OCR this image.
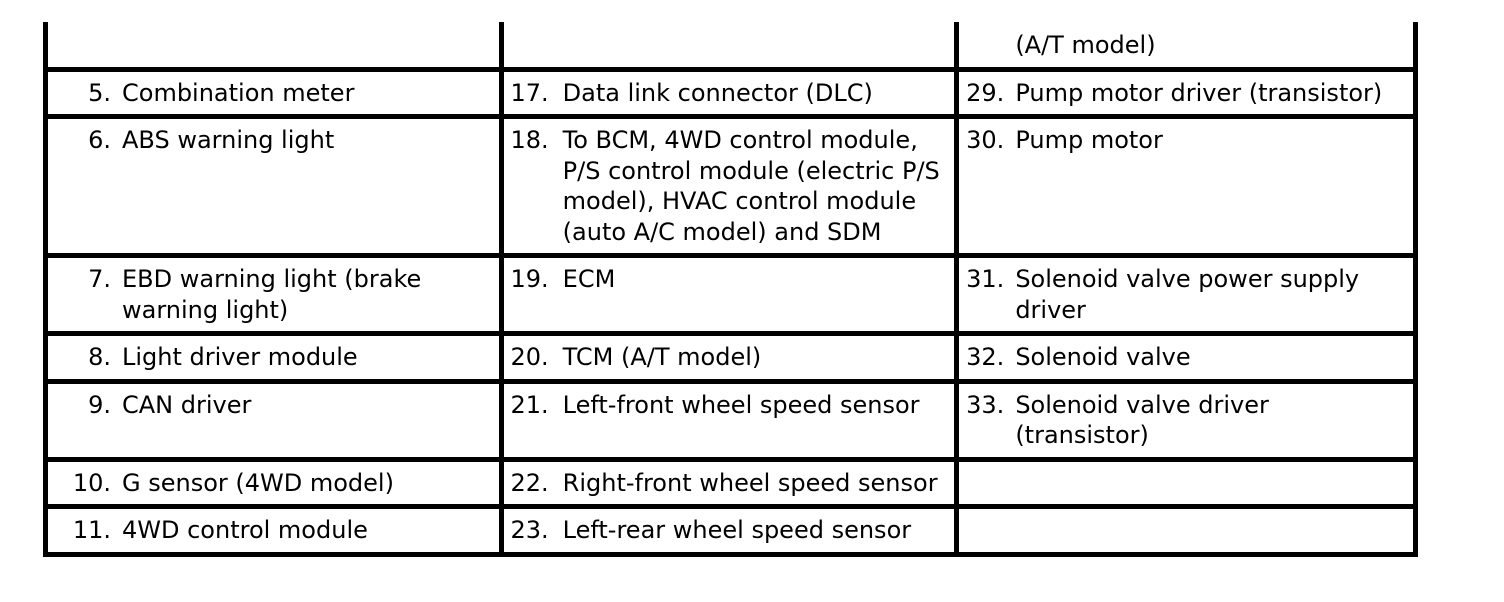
		(A/T model)

5. Combination meter	17. Data link connector (DLC)	29. Pump motor driver (transistor)

6. ABS warning light	18. To BCM, 4WD control module, P/S control module (electric P/S model), HVAC control module (auto A/C model) and SDM	30. Pump motor

7. EBD warning light (brake warning light)	19. ECM	31. Solenoid valve power supply driver

8. Light driver module	20. TCM (A/T model)	32. Solenoid valve

9. CAN driver	21. Left-front wheel speed sensor	33. Solenoid valve driver (transistor)

10. G sensor (4WD model)	22. Right-front wheel speed sensor	

11. 4WD control module	23. Left-rear wheel speed sensor	
